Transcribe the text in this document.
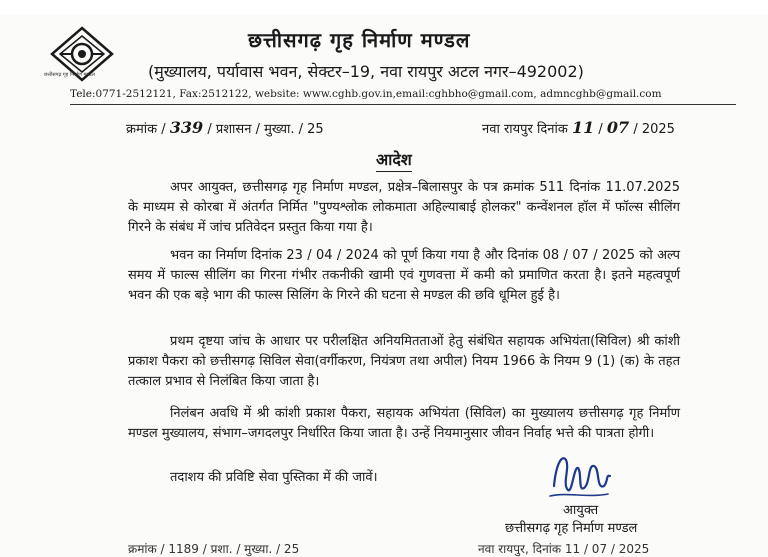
छत्तीसगढ़ गृह निर्माण मण्डल
छत्तीसगढ़ गृह निर्माण मण्डल
(मुख्यालय, पर्यावास भवन, सेक्टर–19, नवा रायपुर अटल नगर–492002)
Tele:0771-2512121, Fax:2512122, website: www.cghb.gov.in,email:cghbho@gmail.com, admncghb@gmail.com
क्रमांक / 339 / प्रशासन / मुख्या. / 25	नवा रायपुर दिनांक 11 / 07 / 2025
आदेश
अपर आयुक्त, छत्तीसगढ़ गृह निर्माण मण्डल, प्रक्षेत्र–बिलासपुर के पत्र क्रमांक 511 दिनांक 11.07.2025 के माध्यम से कोरबा में अंतर्गत निर्मित "पुण्यश्लोक लोकमाता अहिल्याबाई होलकर" कन्वेंशनल हॉल में फॉल्स सीलिंग गिरने के संबंध में जांच प्रतिवेदन प्रस्तुत किया गया है।
भवन का निर्माण दिनांक 23 / 04 / 2024 को पूर्ण किया गया है और दिनांक 08 / 07 / 2025 को अल्प समय में फाल्स सीलिंग का गिरना गंभीर तकनीकी खामी एवं गुणवत्ता में कमी को प्रमाणित करता है। इतने महत्वपूर्ण भवन की एक बड़े भाग की फाल्स सिलिंग के गिरने की घटना से मण्डल की छवि धूमिल हुई है।
प्रथम दृष्टया जांच के आधार पर परीलक्षित अनियमितताओं हेतु संबंधित सहायक अभियंता(सिविल) श्री कांशी प्रकाश पैकरा को छत्तीसगढ़ सिविल सेवा(वर्गीकरण, नियंत्रण तथा अपील) नियम 1966 के नियम 9 (1) (क) के तहत तत्काल प्रभाव से निलंबित किया जाता है।
निलंबन अवधि में श्री कांशी प्रकाश पैकरा, सहायक अभियंता (सिविल) का मुख्यालय छत्तीसगढ़ गृह निर्माण मण्डल मुख्यालय, संभाग–जगदलपुर निर्धारित किया जाता है। उन्हें नियमानुसार जीवन निर्वाह भत्ते की पात्रता होगी।
तदाशय की प्रविष्टि सेवा पुस्तिका में की जावें।
आयुक्त
छत्तीसगढ़ गृह निर्माण मण्डल
क्रमांक / 1189 / प्रशा. / मुख्या. / 25	नवा रायपुर, दिनांक 11 / 07 / 2025
